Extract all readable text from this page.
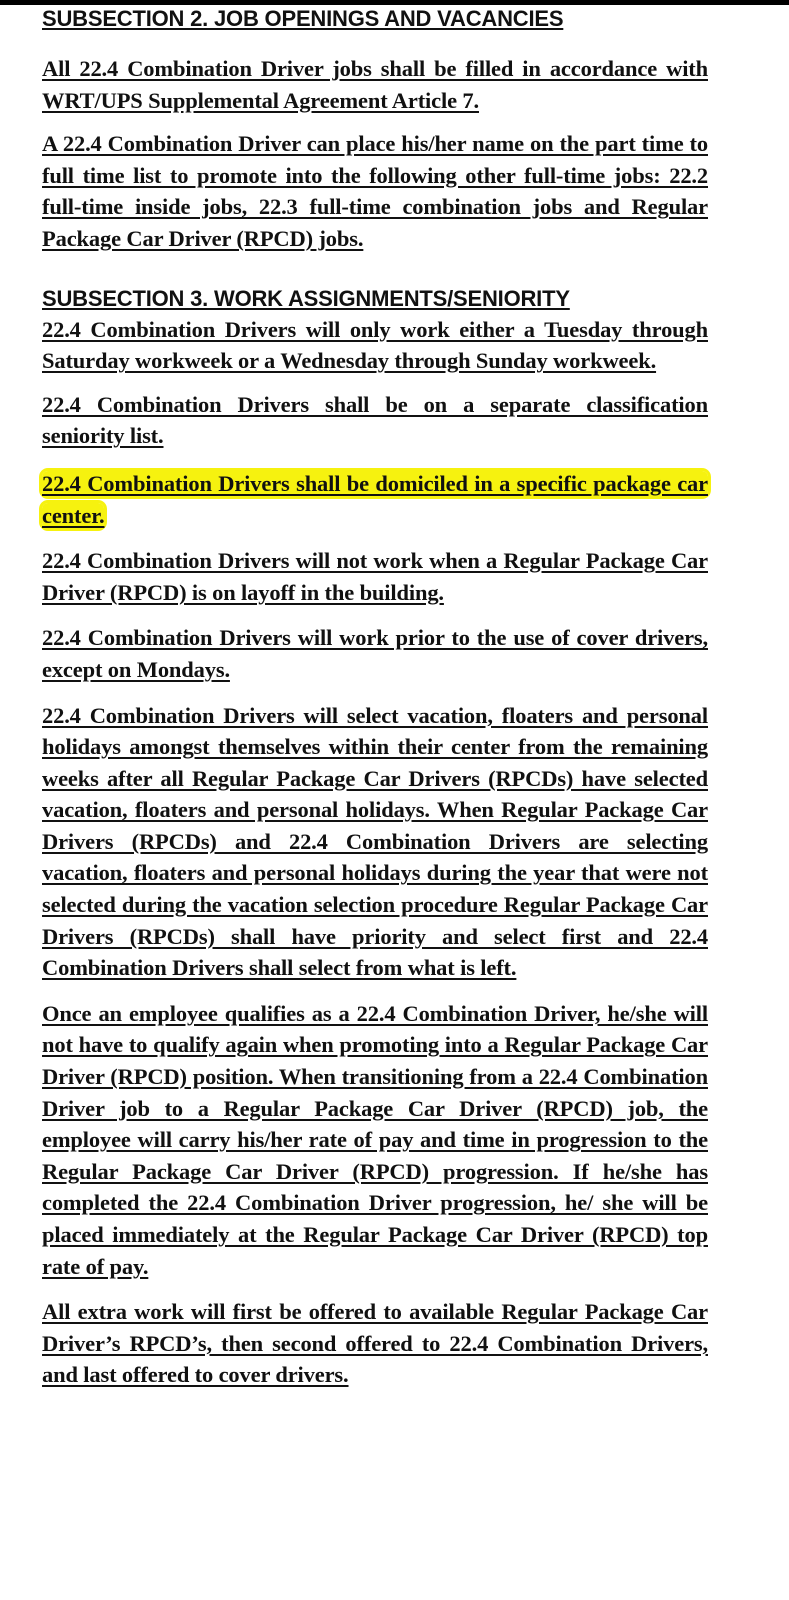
SUBSECTION 2. JOB OPENINGS AND VACANCIES

All 22.4 Combination Driver jobs shall be filled in accordance with WRT/UPS Supplemental Agreement Article 7.

A 22.4 Combination Driver can place his/her name on the part time to full time list to promote into the following other full-time jobs: 22.2 full-time inside jobs, 22.3 full-time combination jobs and Regular Package Car Driver (RPCD) jobs.

SUBSECTION 3. WORK ASSIGNMENTS/SENIORITY

22.4 Combination Drivers will only work either a Tuesday through Saturday workweek or a Wednesday through Sunday workweek.

22.4 Combination Drivers shall be on a separate classification seniority list.

22.4 Combination Drivers shall be domiciled in a specific package car center.

22.4 Combination Drivers will not work when a Regular Package Car Driver (RPCD) is on layoff in the building.

22.4 Combination Drivers will work prior to the use of cover drivers, except on Mondays.

22.4 Combination Drivers will select vacation, floaters and personal holidays amongst themselves within their center from the remaining weeks after all Regular Package Car Drivers (RPCDs) have selected vacation, floaters and personal holidays. When Regular Package Car Drivers (RPCDs) and 22.4 Combination Drivers are selecting vacation, floaters and personal holidays during the year that were not selected during the vacation selection procedure Regular Package Car Drivers (RPCDs) shall have priority and select first and 22.4 Combination Drivers shall select from what is left.

Once an employee qualifies as a 22.4 Combination Driver, he/she will not have to qualify again when promoting into a Regular Package Car Driver (RPCD) position. When transitioning from a 22.4 Combination Driver job to a Regular Package Car Driver (RPCD) job, the employee will carry his/her rate of pay and time in progression to the Regular Package Car Driver (RPCD) progression. If he/she has completed the 22.4 Combination Driver progression, he/ she will be placed immediately at the Regular Package Car Driver (RPCD) top rate of pay.

All extra work will first be offered to available Regular Package Car Driver’s RPCD’s, then second offered to 22.4 Combination Drivers, and last offered to cover drivers.
